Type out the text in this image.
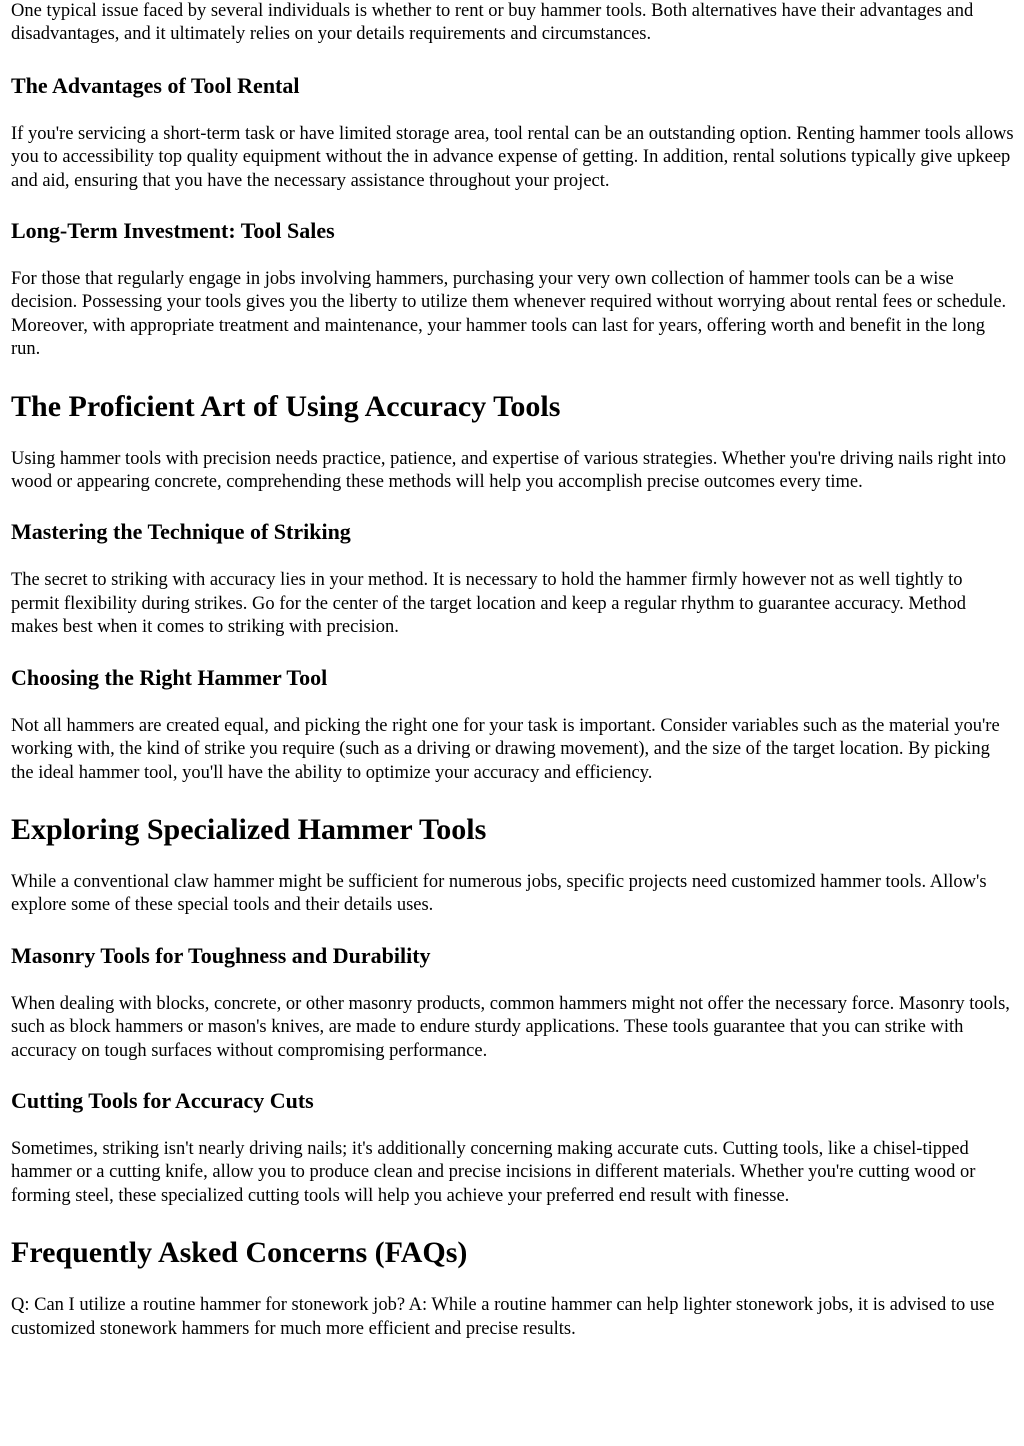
One typical issue faced by several individuals is whether to rent or buy hammer tools. Both alternatives have their advantages and disadvantages, and it ultimately relies on your details requirements and circumstances.

The Advantages of Tool Rental

If you're servicing a short-term task or have limited storage area, tool rental can be an outstanding option. Renting hammer tools allows you to accessibility top quality equipment without the in advance expense of getting. In addition, rental solutions typically give upkeep and aid, ensuring that you have the necessary assistance throughout your project.

Long-Term Investment: Tool Sales

For those that regularly engage in jobs involving hammers, purchasing your very own collection of hammer tools can be a wise decision. Possessing your tools gives you the liberty to utilize them whenever required without worrying about rental fees or schedule. Moreover, with appropriate treatment and maintenance, your hammer tools can last for years, offering worth and benefit in the long run.

The Proficient Art of Using Accuracy Tools

Using hammer tools with precision needs practice, patience, and expertise of various strategies. Whether you're driving nails right into wood or appearing concrete, comprehending these methods will help you accomplish precise outcomes every time.

Mastering the Technique of Striking

The secret to striking with accuracy lies in your method. It is necessary to hold the hammer firmly however not as well tightly to permit flexibility during strikes. Go for the center of the target location and keep a regular rhythm to guarantee accuracy. Method makes best when it comes to striking with precision.

Choosing the Right Hammer Tool

Not all hammers are created equal, and picking the right one for your task is important. Consider variables such as the material you're working with, the kind of strike you require (such as a driving or drawing movement), and the size of the target location. By picking the ideal hammer tool, you'll have the ability to optimize your accuracy and efficiency.

Exploring Specialized Hammer Tools

While a conventional claw hammer might be sufficient for numerous jobs, specific projects need customized hammer tools. Allow's explore some of these special tools and their details uses.

Masonry Tools for Toughness and Durability

When dealing with blocks, concrete, or other masonry products, common hammers might not offer the necessary force. Masonry tools, such as block hammers or mason's knives, are made to endure sturdy applications. These tools guarantee that you can strike with accuracy on tough surfaces without compromising performance.

Cutting Tools for Accuracy Cuts

Sometimes, striking isn't nearly driving nails; it's additionally concerning making accurate cuts. Cutting tools, like a chisel-tipped hammer or a cutting knife, allow you to produce clean and precise incisions in different materials. Whether you're cutting wood or forming steel, these specialized cutting tools will help you achieve your preferred end result with finesse.

Frequently Asked Concerns (FAQs)

Q: Can I utilize a routine hammer for stonework job? A: While a routine hammer can help lighter stonework jobs, it is advised to use customized stonework hammers for much more efficient and precise results.
